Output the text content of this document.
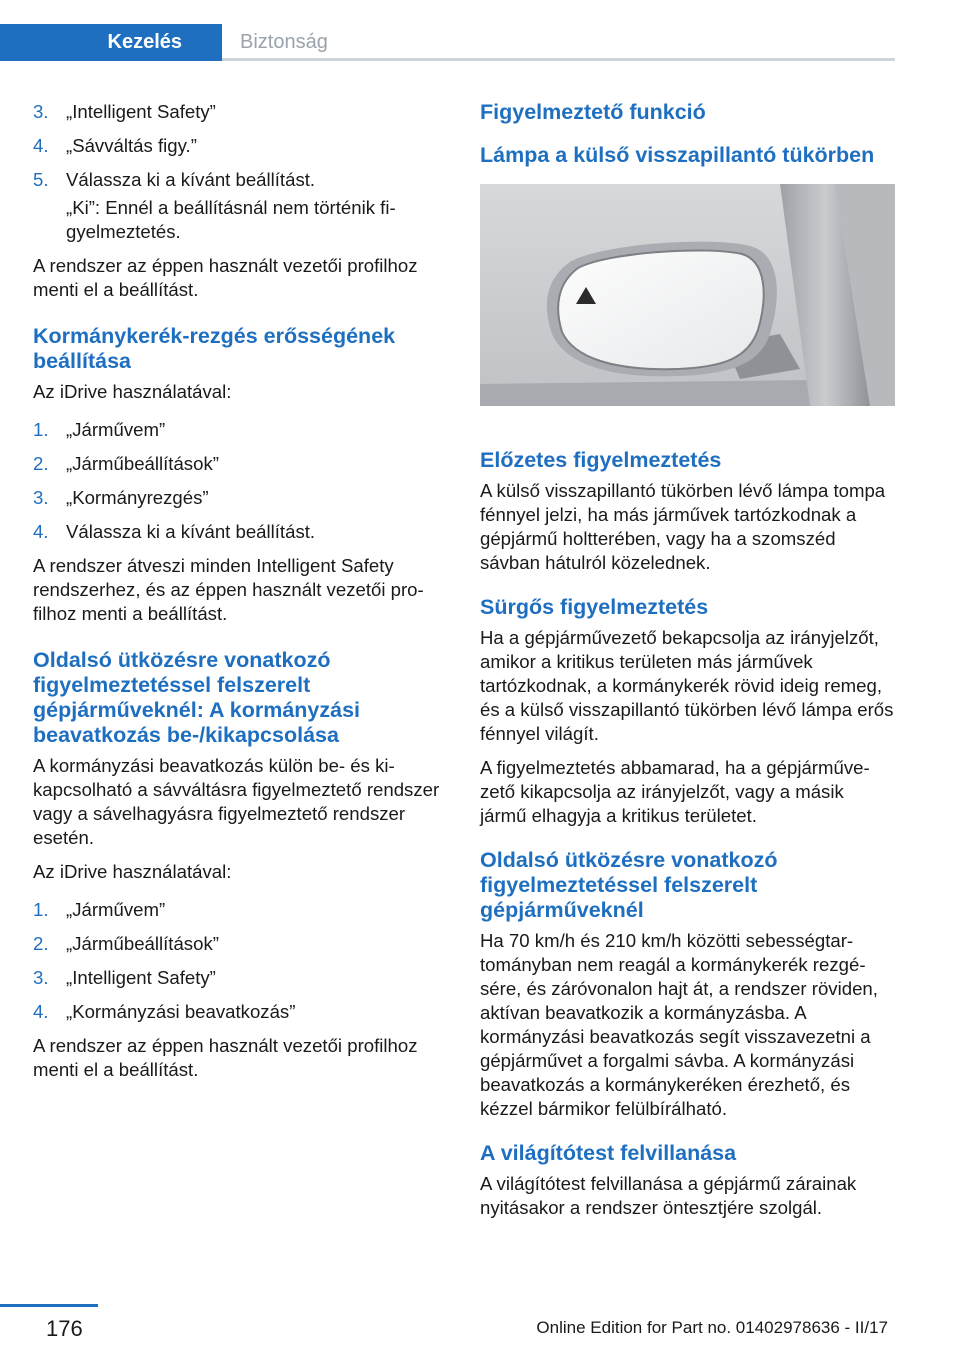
Kezelés	Biztonság
3. „Intelligent Safety”
4. „Sávváltás figy.”
5. Válassza ki a kívánt beállítást.

„Ki”: Ennél a beállításnál nem történik figyelmeztetés.

A rendszer az éppen használt vezetői profilhoz menti el a beállítást.

Kormánykerék-rezgés erősségének beállítása

Az iDrive használatával:

1. „Járművem”
2. „Járműbeállítások”
3. „Kormányrezgés”
4. Válassza ki a kívánt beállítást.

A rendszer átveszi minden Intelligent Safety rendszerhez, és az éppen használt vezetői profilhoz menti a beállítást.

Oldalsó ütközésre vonatkozó figyelmeztetéssel felszerelt gépjárműveknél: A kormányzási beavatkozás be-/kikapcsolása

A kormányzási beavatkozás külön be- és kikapcsolható a sávváltásra figyelmeztető rendszer vagy a sávelhagyásra figyelmeztető rendszer esetén.

Az iDrive használatával:

1. „Járművem”
2. „Járműbeállítások”
3. „Intelligent Safety”
4. „Kormányzási beavatkozás”

A rendszer az éppen használt vezetői profilhoz menti el a beállítást.

Figyelmeztető funkció
Lámpa a külső visszapillantó tükörben
Előzetes figyelmeztetés

A külső visszapillantó tükörben lévő lámpa tompa fénnyel jelzi, ha más járművek tartózkodnak a gépjármű holtterében, vagy ha a szomszéd sávban hátulról közelednek.

Sürgős figyelmeztetés

Ha a gépjárművezető bekapcsolja az irányjelzőt, amikor a kritikus területen más járművek tartózkodnak, a kormánykerék rövid ideig remeg, és a külső visszapillantó tükörben lévő lámpa erős fénnyel világít.

A figyelmeztetés abbamarad, ha a gépjárművezető kikapcsolja az irányjelzőt, vagy a másik jármű elhagyja a kritikus területet.

Oldalsó ütközésre vonatkozó figyelmeztetéssel felszerelt gépjárműveknél

Ha 70 km/h és 210 km/h közötti sebességtartományban nem reagál a kormánykerék rezgésére, és záróvonalon hajt át, a rendszer röviden, aktívan beavatkozik a kormányzásba. A kormányzási beavatkozás segít visszavezetni a gépjárművet a forgalmi sávba. A kormányzási beavatkozás a kormánykeréken érezhető, és kézzel bármikor felülbírálható.

A világítótest felvillanása

A világítótest felvillanása a gépjármű zárainak nyitásakor a rendszer öntesztjére szolgál.

176	Online Edition for Part no. 01402978636 - II/17
